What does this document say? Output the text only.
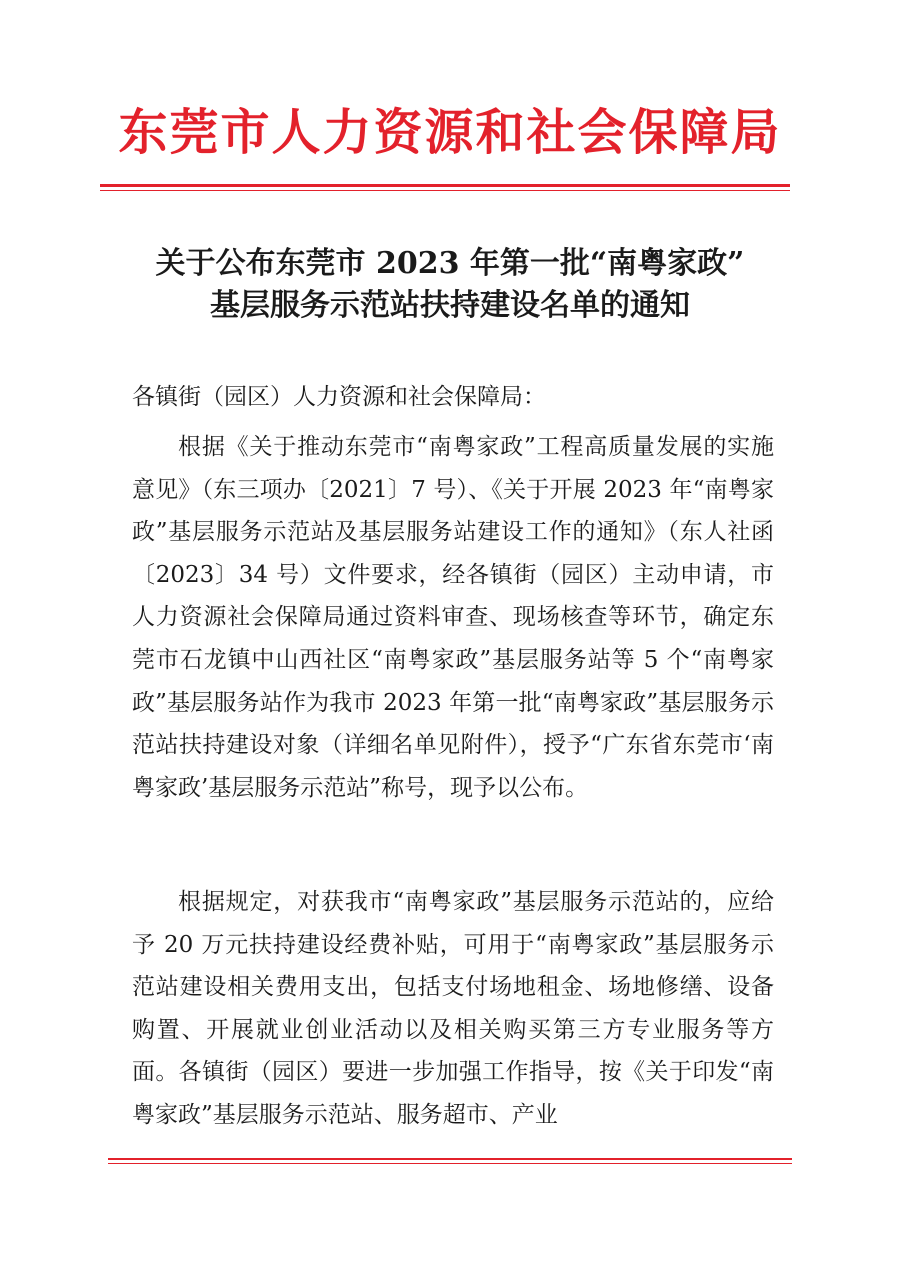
东莞市人力资源和社会保障局
关于公布东莞市 2023 年第一批“南粤家政”
基层服务示范站扶持建设名单的通知
各镇街（园区）人力资源和社会保障局：
根据《关于推动东莞市“南粤家政”工程高质量发展的实施意见》（东三项办〔2021〕7 号）、《关于开展 2023 年“南粤家政”基层服务示范站及基层服务站建设工作的通知》（东人社函〔2023〕34 号）文件要求，经各镇街（园区）主动申请，市人力资源社会保障局通过资料审查、现场核查等环节，确定东莞市石龙镇中山西社区“南粤家政”基层服务站等 5 个“南粤家政”基层服务站作为我市 2023 年第一批“南粤家政”基层服务示范站扶持建设对象（详细名单见附件），授予“广东省东莞市‘南粤家政’基层服务示范站”称号，现予以公布。
根据规定，对获我市“南粤家政”基层服务示范站的，应给予 20 万元扶持建设经费补贴，可用于“南粤家政”基层服务示范站建设相关费用支出，包括支付场地租金、场地修缮、设备购置、开展就业创业活动以及相关购买第三方专业服务等方面。各镇街（园区）要进一步加强工作指导，按《关于印发“南粤家政”基层服务示范站、服务超市、产业
